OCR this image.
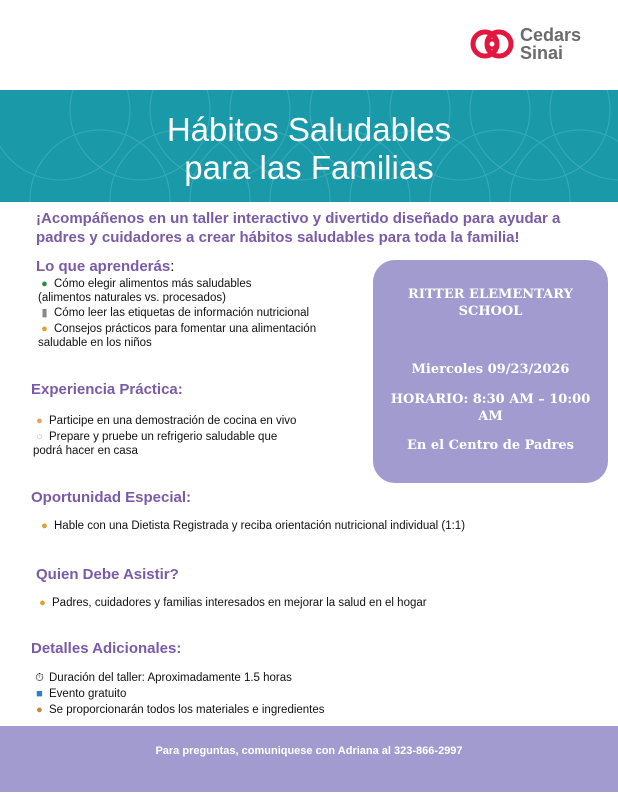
Cedars
Sinai
Hábitos Saludables
para las Familias
¡Acompáñenos en un taller interactivo y divertido diseñado para ayudar a padres y cuidadores a crear hábitos saludables para toda la familia!
Lo que aprenderás:
● Cómo elegir alimentos más saludables
(alimentos naturales vs. procesados)
▮ Cómo leer las etiquetas de información nutricional
● Consejos prácticos para fomentar una alimentación
saludable en los niños
Experiencia Práctica:
● Participe en una demostración de cocina en vivo
○ Prepare y pruebe un refrigerio saludable que
podrá hacer en casa
Oportunidad Especial:
● Hable con una Dietista Registrada y reciba orientación nutricional individual (1:1)
Quien Debe Asistir?
● Padres, cuidadores y familias interesados en mejorar la salud en el hogar
Detalles Adicionales:
⏱ Duración del taller: Aproximadamente 1.5 horas
■ Evento gratuito
● Se proporcionarán todos los materiales e ingredientes
RITTER ELEMENTARY
SCHOOL
Miercoles 09/23/2026
HORARIO: 8:30 AM – 10:00
AM
En el Centro de Padres
Para preguntas, comuniquese con Adriana al 323-866-2997
